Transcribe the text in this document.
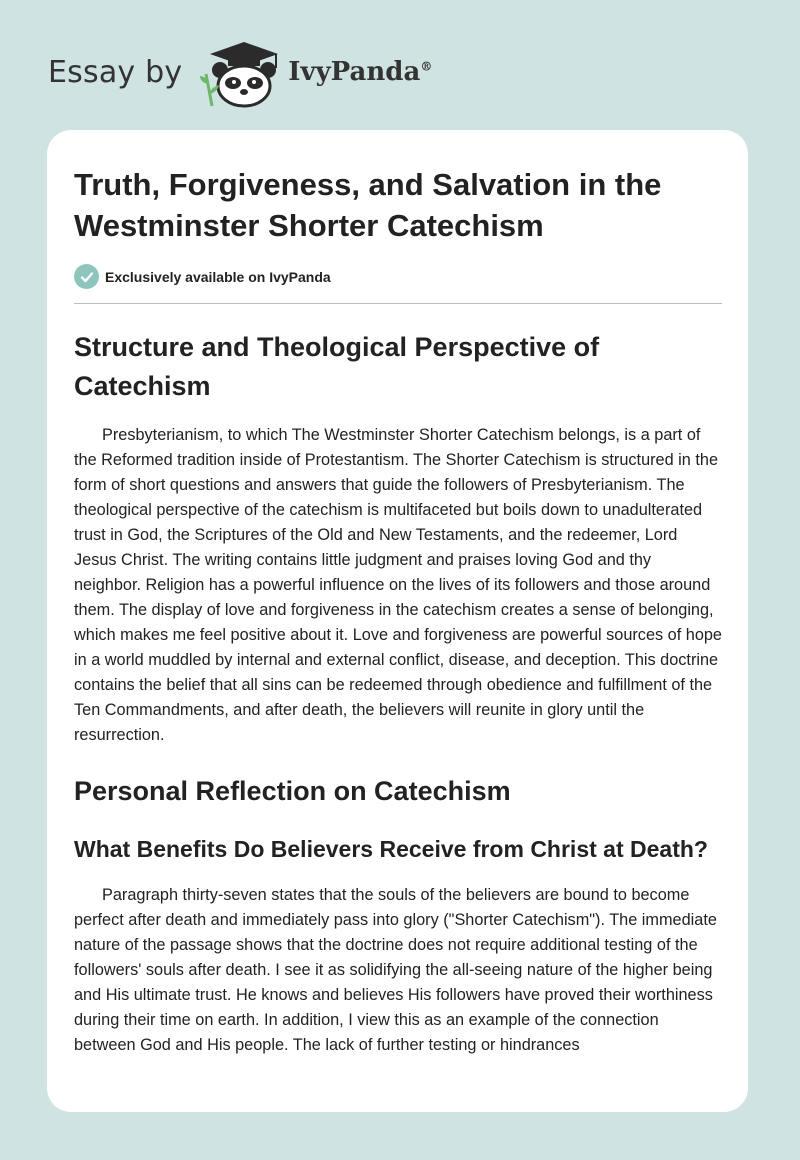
Essay by	IvyPanda®
Truth, Forgiveness, and Salvation in the Westminster Shorter Catechism
Exclusively available on IvyPanda
Structure and Theological Perspective of Catechism

Presbyterianism, to which The Westminster Shorter Catechism belongs, is a part of the Reformed tradition inside of Protestantism. The Shorter Catechism is structured in the form of short questions and answers that guide the followers of Presbyterianism. The theological perspective of the catechism is multifaceted but boils down to unadulterated trust in God, the Scriptures of the Old and New Testaments, and the redeemer, Lord Jesus Christ. The writing contains little judgment and praises loving God and thy neighbor. Religion has a powerful influence on the lives of its followers and those around them. The display of love and forgiveness in the catechism creates a sense of belonging, which makes me feel positive about it. Love and forgiveness are powerful sources of hope in a world muddled by internal and external conflict, disease, and deception. This doctrine contains the belief that all sins can be redeemed through obedience and fulfillment of the Ten Commandments, and after death, the believers will reunite in glory until the resurrection.

Personal Reflection on Catechism
What Benefits Do Believers Receive from Christ at Death?

Paragraph thirty-seven states that the souls of the believers are bound to become perfect after death and immediately pass into glory ("Shorter Catechism"). The immediate nature of the passage shows that the doctrine does not require additional testing of the followers' souls after death. I see it as solidifying the all-seeing nature of the higher being and His ultimate trust. He knows and believes His followers have proved their worthiness during their time on earth. In addition, I view this as an example of the connection between God and His people. The lack of further testing or hindrances
